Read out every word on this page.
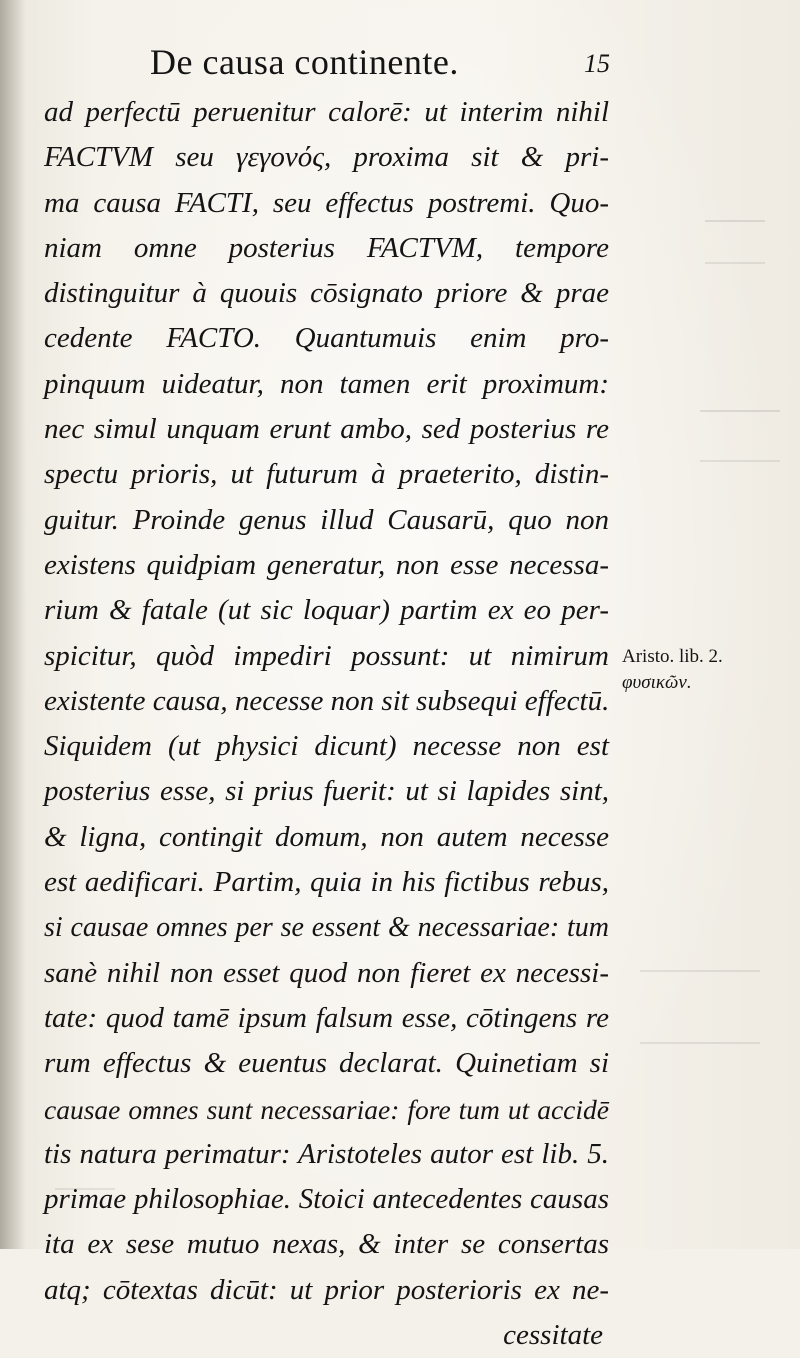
De causa continente.	15
ad perfectū peruenitur calorē: ut interim nihil
FACTVM seu γεγονός, proxima sit & pri-
ma causa FACTI, seu effectus postremi. Quo-
niam omne posterius FACTVM, tempore
distinguitur à quouis cōsignato priore & prae
cedente FACTO. Quantumuis enim pro-
pinquum uideatur, non tamen erit proximum:
nec simul unquam erunt ambo, sed posterius re
spectu prioris, ut futurum à praeterito, distin-
guitur. Proinde genus illud Causarū, quo non
existens quidpiam generatur, non esse necessa-
rium & fatale (ut sic loquar) partim ex eo per-
spicitur, quòd impediri possunt: ut nimirum
existente causa, necesse non sit subsequi effectū.
Siquidem (ut physici dicunt) necesse non est
posterius esse, si prius fuerit: ut si lapides sint,
& ligna, contingit domum, non autem necesse
est aedificari. Partim, quia in his fictibus rebus,
si causae omnes per se essent & necessariae: tum
sanè nihil non esset quod non fieret ex necessi-
tate: quod tamē ipsum falsum esse, cōtingens re
rum effectus & euentus declarat. Quinetiam si
causae omnes sunt necessariae: fore tum ut accidē
tis natura perimatur: Aristoteles autor est lib. 5.
primae philosophiae. Stoici antecedentes causas
ita ex sese mutuo nexas, & inter se consertas
atq; cōtextas dicūt: ut prior posterioris ex ne-
cessitate
Aristo. lib. 2.
φυσικῶν.
